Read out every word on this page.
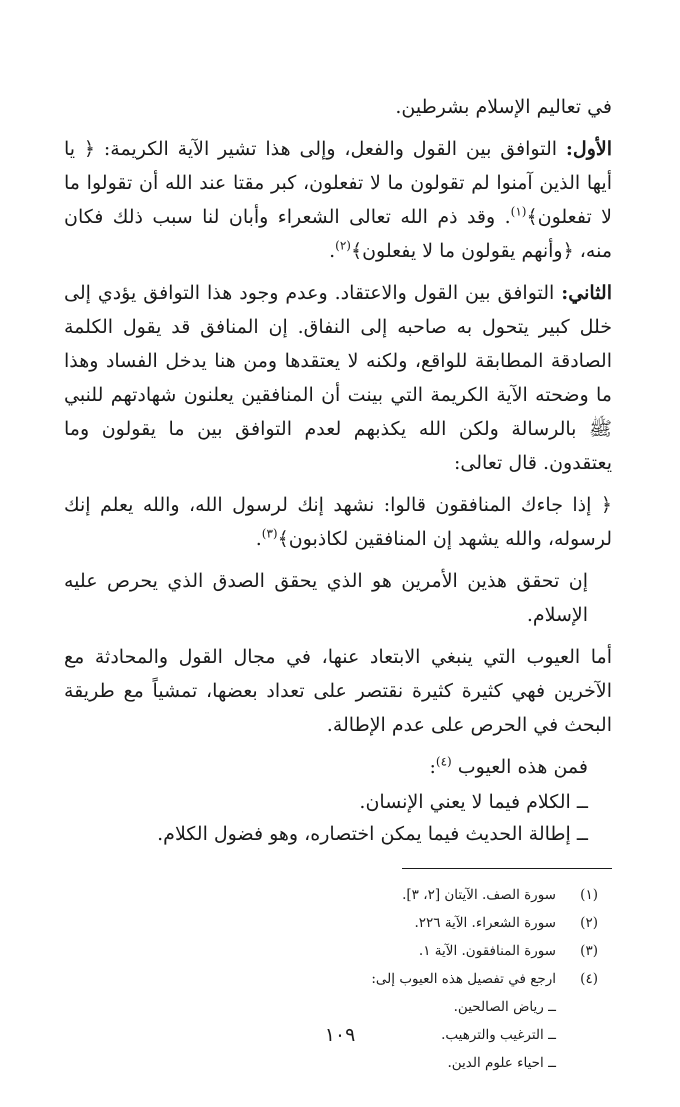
في تعاليم الإسلام بشرطين.

الأول: التوافق بين القول والفعل، وإلى هذا تشير الآية الكريمة: ﴿ يا أيها الذين آمنوا لم تقولون ما لا تفعلون، كبر مقتا عند الله أن تقولوا ما لا تفعلون﴾$^{(١)}$. وقد ذم الله تعالى الشعراء وأبان لنا سبب ذلك فكان منه، ﴿وأنهم يقولون ما لا يفعلون﴾$^{(٢)}$.

الثاني: التوافق بين القول والاعتقاد. وعدم وجود هذا التوافق يؤدي إلى خلل كبير يتحول به صاحبه إلى النفاق. إن المنافق قد يقول الكلمة الصادقة المطابقة للواقع، ولكنه لا يعتقدها ومن هنا يدخل الفساد وهذا ما وضحته الآية الكريمة التي بينت أن المنافقين يعلنون شهادتهم للنبي ﷺ بالرسالة ولكن الله يكذبهم لعدم التوافق بين ما يقولون وما يعتقدون. قال تعالى:

﴿ إذا جاءك المنافقون قالوا: نشهد إنك لرسول الله، والله يعلم إنك لرسوله، والله يشهد إن المنافقين لكاذبون﴾$^{(٣)}$.

إن تحقق هذين الأمرين هو الذي يحقق الصدق الذي يحرص عليه الإسلام.

أما العيوب التي ينبغي الابتعاد عنها، في مجال القول والمحادثة مع الآخرين فهي كثيرة كثيرة نقتصر على تعداد بعضها، تمشياً مع طريقة البحث في الحرص على عدم الإطالة.

فمن هذه العيوب $^{(٤)}$:

ــ الكلام فيما لا يعني الإنسان.

ــ إطالة الحديث فيما يمكن اختصاره، وهو فضول الكلام.

(١)
سورة الصف. الآيتان [٢، ٣].
(٢)
سورة الشعراء. الآية ٢٢٦.
(٣)
سورة المنافقون. الآية ١.
(٤)
ارجع في تفصيل هذه العيوب إلى:
ــ رياض الصالحين.
ــ الترغيب والترهيب.
ــ احياء علوم الدين.
١٠٩
